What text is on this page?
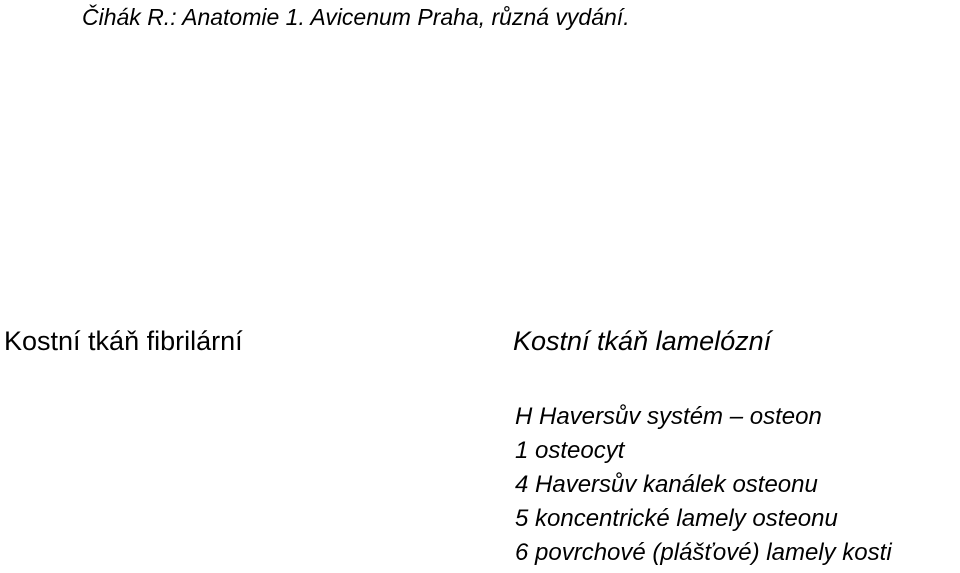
Čihák R.: Anatomie 1. Avicenum Praha, různá vydání.

Kostní tkáň fibrilární	Kostní tkáň lamelózní
H Haversův systém – osteon
1 osteocyt
4 Haversův kanálek osteonu
5 koncentrické lamely osteonu
6 povrchové (plášťové) lamely kosti
